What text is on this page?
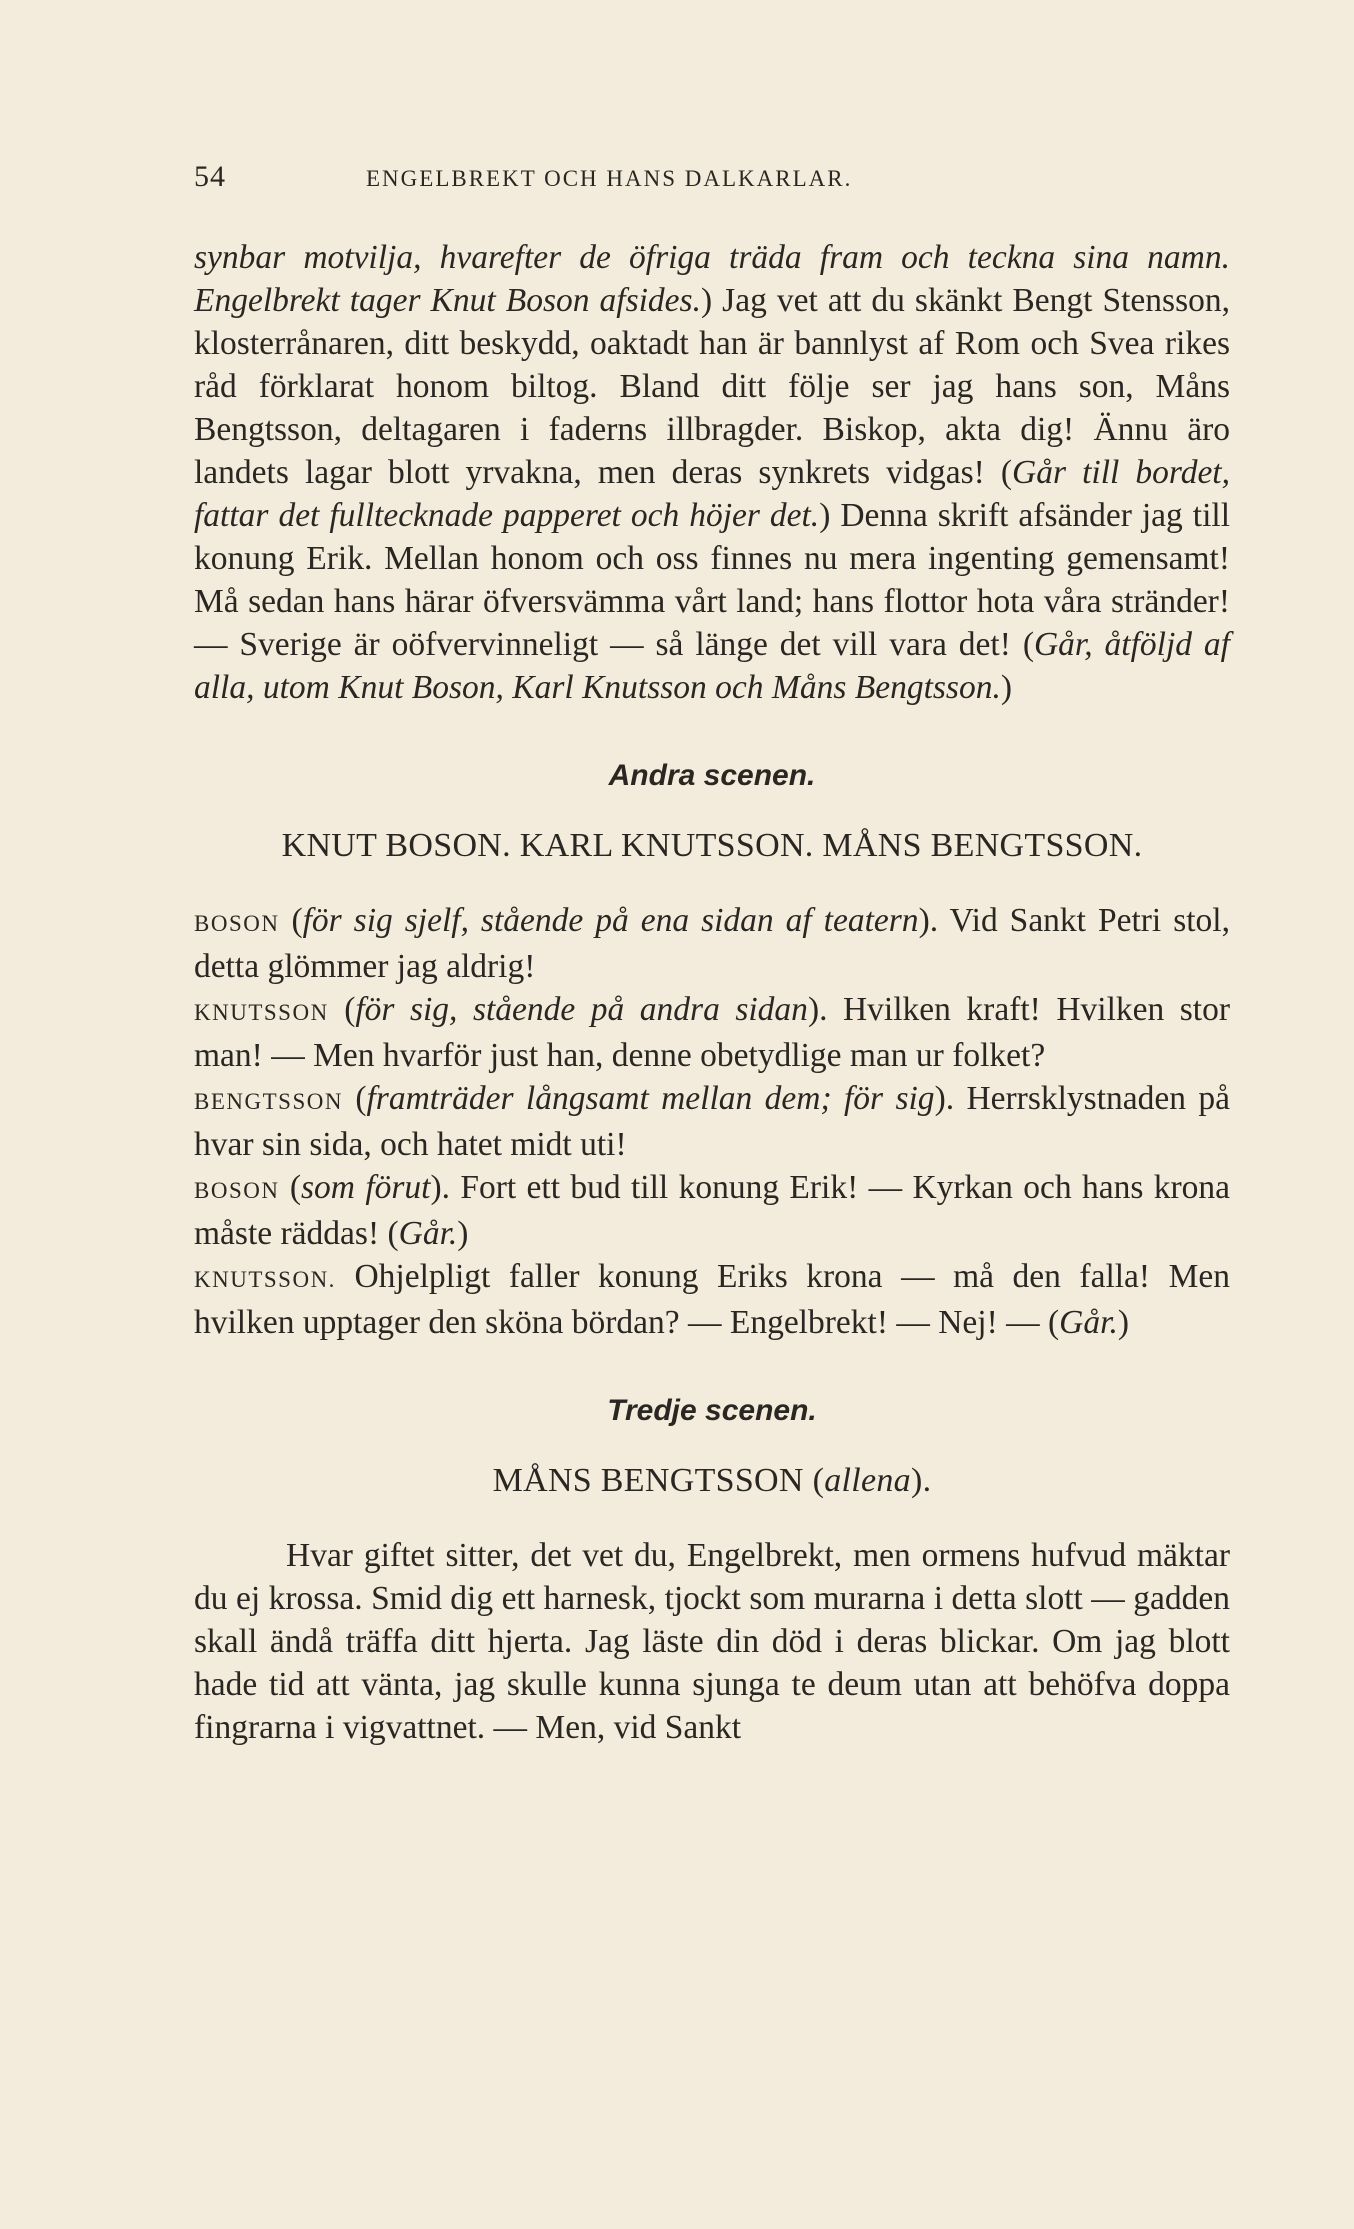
54	ENGELBREKT OCH HANS DALKARLAR.

synbar motvilja, hvarefter de öfriga träda fram och teckna sina namn. Engelbrekt tager Knut Boson afsides.) Jag vet att du skänkt Bengt Stensson, klosterrånaren, ditt beskydd, oaktadt han är bannlyst af Rom och Svea rikes råd förklarat honom biltog. Bland ditt följe ser jag hans son, Måns Bengtsson, deltagaren i faderns illbragder. Biskop, akta dig! Ännu äro landets lagar blott yrvakna, men deras synkrets vidgas! (Går till bordet, fattar det fulltecknade papperet och höjer det.) Denna skrift afsänder jag till konung Erik. Mellan honom och oss finnes nu mera ingenting gemensamt! Må sedan hans härar öfversvämma vårt land; hans flottor hota våra stränder! — Sverige är oöfvervinneligt — så länge det vill vara det! (Går, åtföljd af alla, utom Knut Boson, Karl Knutsson och Måns Bengtsson.)

Andra scenen.
KNUT BOSON. KARL KNUTSSON. MÅNS BENGTSSON.

BOSON (för sig sjelf, stående på ena sidan af teatern). Vid Sankt Petri stol, detta glömmer jag aldrig!

KNUTSSON (för sig, stående på andra sidan). Hvilken kraft! Hvilken stor man! — Men hvarför just han, denne obetydlige man ur folket?

BENGTSSON (framträder långsamt mellan dem; för sig). Herrsklystnaden på hvar sin sida, och hatet midt uti!

BOSON (som förut). Fort ett bud till konung Erik! — Kyrkan och hans krona måste räddas! (Går.)

KNUTSSON. Ohjelpligt faller konung Eriks krona — må den falla! Men hvilken upptager den sköna bördan? — Engelbrekt! — Nej! — (Går.)

Tredje scenen.
MÅNS BENGTSSON (allena).

Hvar giftet sitter, det vet du, Engelbrekt, men ormens hufvud mäktar du ej krossa. Smid dig ett harnesk, tjockt som murarna i detta slott — gadden skall ändå träffa ditt hjerta. Jag läste din död i deras blickar. Om jag blott hade tid att vänta, jag skulle kunna sjunga te deum utan att behöfva doppa fingrarna i vigvattnet. — Men, vid Sankt
